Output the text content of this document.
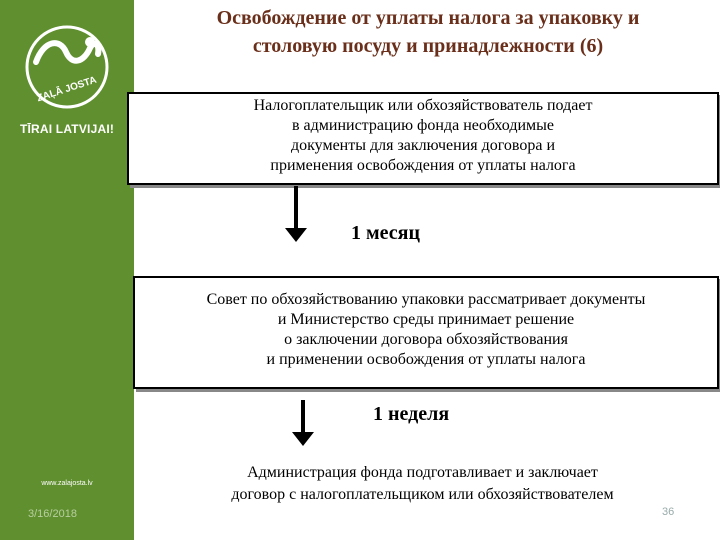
ZAĻĀ JOSTA
TĪRAI LATVIJAI!
www.zalajosta.lv
3/16/2018
Освобождение от уплаты налога за упаковку и
столовую посуду и принадлежности (6)
Налогоплательщик или обхозяйствователь подает
в администрацию фонда необходимые
документы для заключения договора и
применения освобождения от уплаты налога
1 месяц
Совет по обхозяйствованию упаковки рассматривает документы
и Министерство среды принимает решение
о заключении договора обхозяйствования
и применении освобождения от уплаты налога
1 неделя
Администрация фонда подготавливает и заключает
договор с налогоплательщиком или обхозяйствователем
36
